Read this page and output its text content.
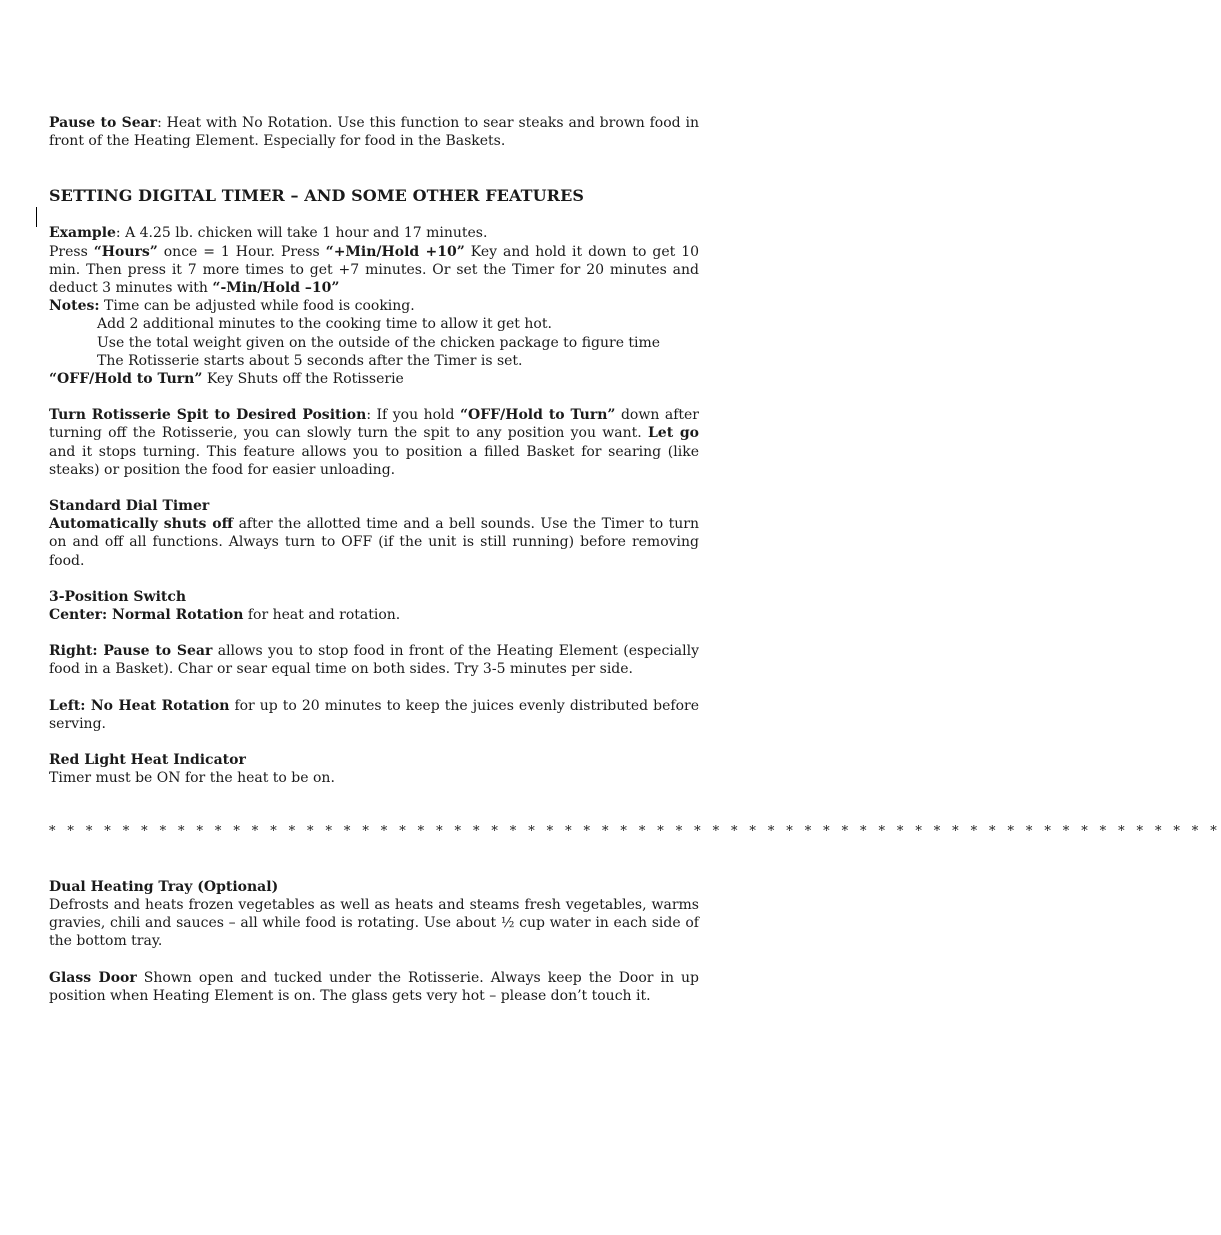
Pause to Sear: Heat with No Rotation. Use this function to sear steaks and brown food in front of the Heating Element. Especially for food in the Baskets.

SETTING DIGITAL TIMER – AND SOME OTHER FEATURES

Example: A 4.25 lb. chicken will take 1 hour and 17 minutes.

Press “Hours” once = 1 Hour. Press “+Min/Hold +10” Key and hold it down to get 10 min. Then press it 7 more times to get +7 minutes. Or set the Timer for 20 minutes and deduct 3 minutes with “-Min/Hold –10”

Notes: Time can be adjusted while food is cooking.

Add 2 additional minutes to the cooking time to allow it get hot.

Use the total weight given on the outside of the chicken package to figure time

The Rotisserie starts about 5 seconds after the Timer is set.

“OFF/Hold to Turn” Key Shuts off the Rotisserie

Turn Rotisserie Spit to Desired Position: If you hold “OFF/Hold to Turn” down after turning off the Rotisserie, you can slowly turn the spit to any position you want. Let go and it stops turning. This feature allows you to position a filled Basket for searing (like steaks) or position the food for easier unloading.

Standard Dial Timer

Automatically shuts off after the allotted time and a bell sounds. Use the Timer to turn on and off all functions. Always turn to OFF (if the unit is still running) before removing food.

3-Position Switch

Center: Normal Rotation for heat and rotation.

Right: Pause to Sear allows you to stop food in front of the Heating Element (especially food in a Basket). Char or sear equal time on both sides. Try 3-5 minutes per side.

Left: No Heat Rotation for up to 20 minutes to keep the juices evenly distributed before serving.

Red Light Heat Indicator

Timer must be ON for the heat to be on.

* * * * * * * * * * * * * * * * * * * * * * * * * * * * * * * * * * * * * * * * * * * * * * * * * * * * * * * * * * * * * * * *

Dual Heating Tray (Optional)

Defrosts and heats frozen vegetables as well as heats and steams fresh vegetables, warms gravies, chili and sauces – all while food is rotating. Use about ½ cup water in each side of the bottom tray.

Glass Door Shown open and tucked under the Rotisserie. Always keep the Door in up position when Heating Element is on. The glass gets very hot – please don’t touch it.
